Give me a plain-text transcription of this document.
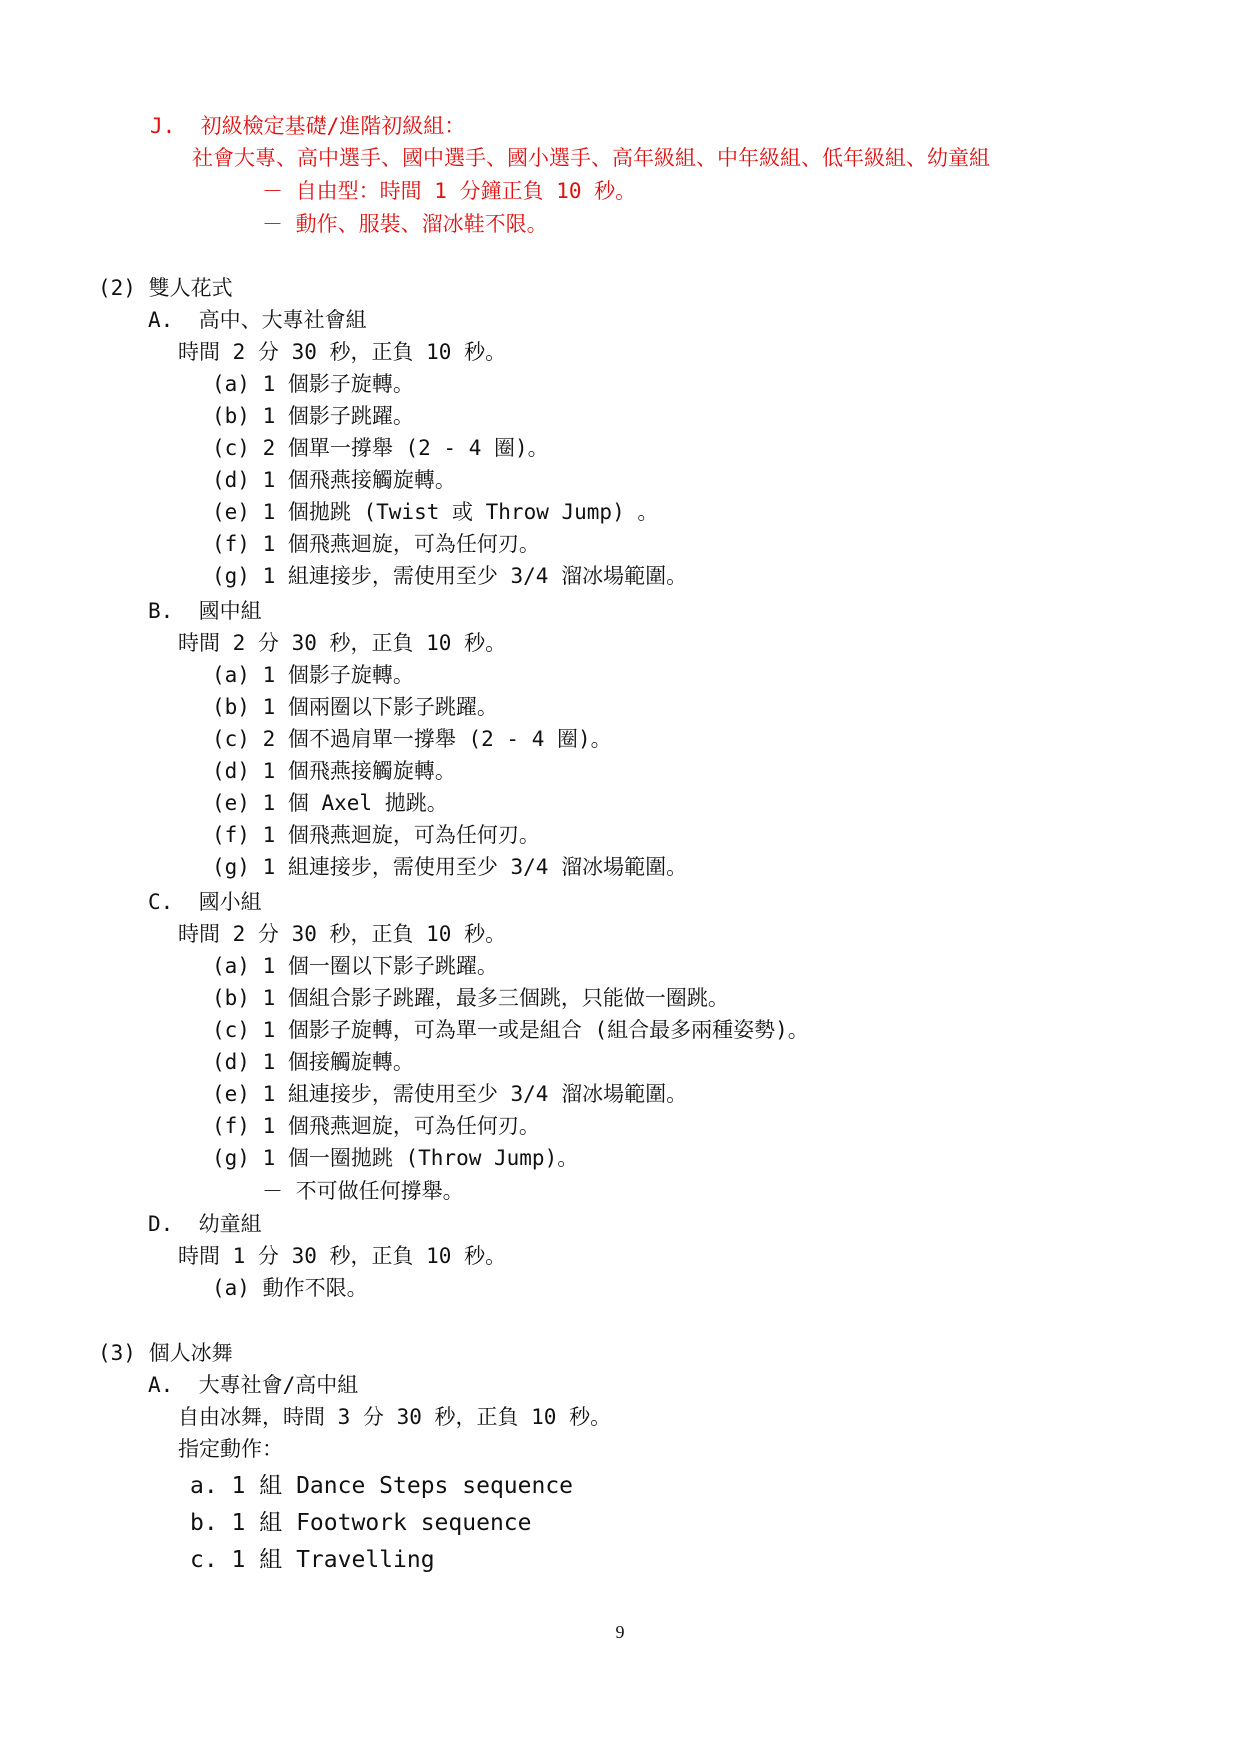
J.  初級檢定基礎/進階初級組：
社會大專、高中選手、國中選手、國小選手、高年級組、中年級組、低年級組、幼童組
－ 自由型：時間 1 分鐘正負 10 秒。
－ 動作、服裝、溜冰鞋不限。
(2) 雙人花式
A.  高中、大專社會組
時間 2 分 30 秒，正負 10 秒。
(a) 1 個影子旋轉。
(b) 1 個影子跳躍。
(c) 2 個單一撐舉 (2 - 4 圈)。
(d) 1 個飛燕接觸旋轉。
(e) 1 個拋跳 (Twist 或 Throw Jump) 。
(f) 1 個飛燕迴旋，可為任何刃。
(g) 1 組連接步，需使用至少 3/4 溜冰場範圍。
B.  國中組
時間 2 分 30 秒，正負 10 秒。
(a) 1 個影子旋轉。
(b) 1 個兩圈以下影子跳躍。
(c) 2 個不過肩單一撐舉 (2 - 4 圈)。
(d) 1 個飛燕接觸旋轉。
(e) 1 個 Axel 拋跳。
(f) 1 個飛燕迴旋，可為任何刃。
(g) 1 組連接步，需使用至少 3/4 溜冰場範圍。
C.  國小組
時間 2 分 30 秒，正負 10 秒。
(a) 1 個一圈以下影子跳躍。
(b) 1 個組合影子跳躍，最多三個跳，只能做一圈跳。
(c) 1 個影子旋轉，可為單一或是組合 (組合最多兩種姿勢)。
(d) 1 個接觸旋轉。
(e) 1 組連接步，需使用至少 3/4 溜冰場範圍。
(f) 1 個飛燕迴旋，可為任何刃。
(g) 1 個一圈拋跳 (Throw Jump)。
－ 不可做任何撐舉。
D.  幼童組
時間 1 分 30 秒，正負 10 秒。
(a) 動作不限。
(3) 個人冰舞
A.  大專社會/高中組
自由冰舞，時間 3 分 30 秒，正負 10 秒。
指定動作：
a. 1 組 Dance Steps sequence
b. 1 組 Footwork sequence
c. 1 組 Travelling
9
